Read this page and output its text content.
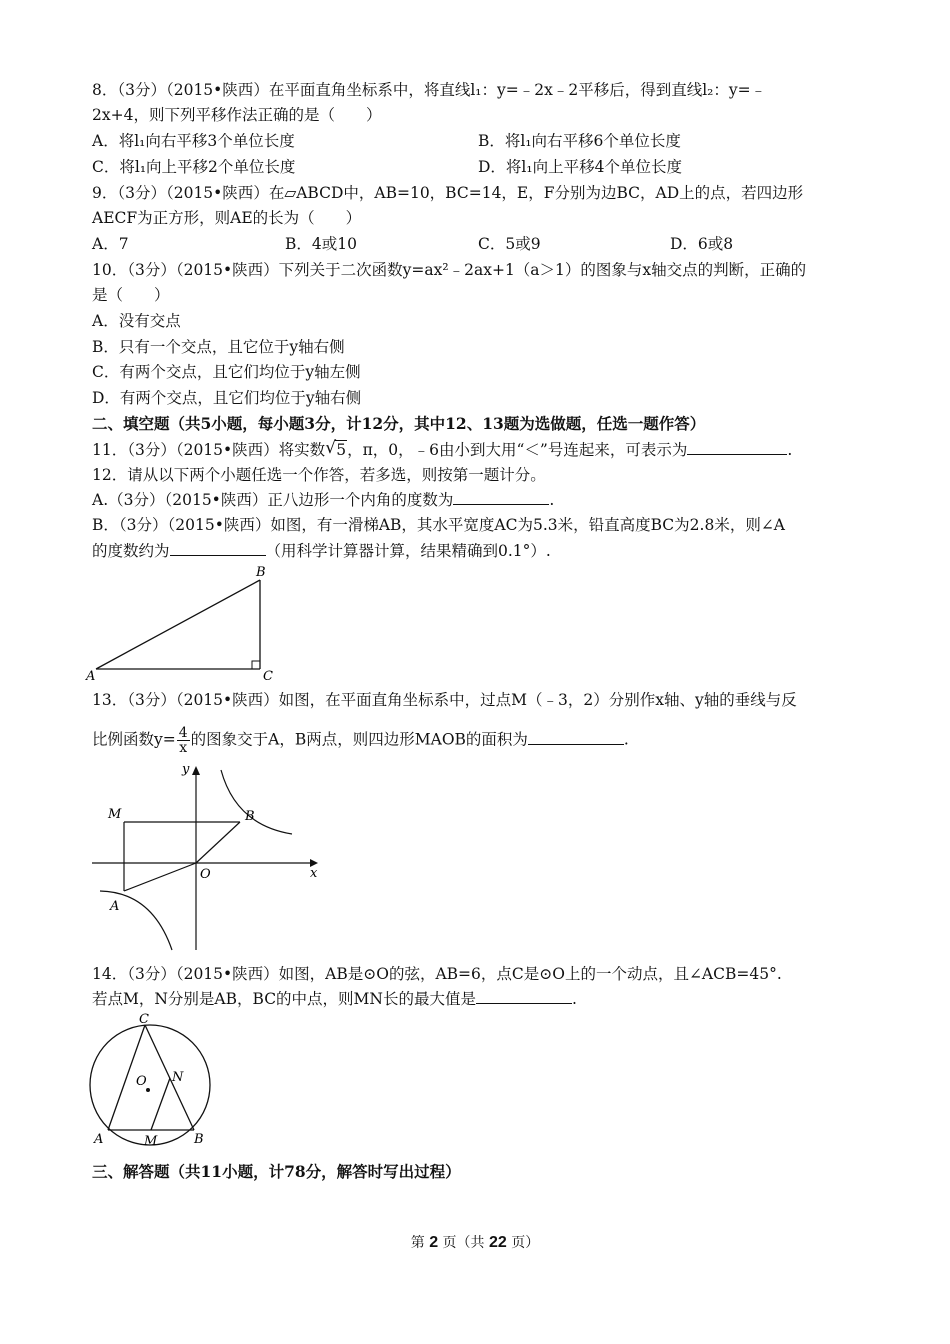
8．（3分）（2015•陕西）在平面直角坐标系中，将直线l₁：y=﹣2x﹣2平移后，得到直线l₂：y=﹣
2x+4，则下列平移作法正确的是（　　）
A．将l₁向右平移3个单位长度	B．将l₁向右平移6个单位长度
C．将l₁向上平移2个单位长度	D．将l₁向上平移4个单位长度
9．（3分）（2015•陕西）在▱ABCD中，AB=10，BC=14，E，F分别为边BC，AD上的点，若四边形
AECF为正方形，则AE的长为（　　）
A．7	B．4或10	C．5或9	D．6或8
10．（3分）（2015•陕西）下列关于二次函数y=ax²﹣2ax+1（a＞1）的图象与x轴交点的判断，正确的
是（　　）
A．没有交点
B．只有一个交点，且它位于y轴右侧
C．有两个交点，且它们均位于y轴左侧
D．有两个交点，且它们均位于y轴右侧
二、填空题（共5小题，每小题3分，计12分，其中12、13题为选做题，任选一题作答）
11．（3分）（2015•陕西）将实数 √ 5，π，0，﹣6由小到大用“＜”号连起来，可表示为	.
12．请从以下两个小题任选一个作答，若多选，则按第一题计分。
A.（3分）（2015•陕西）正八边形一个内角的度数为	.
B．（3分）（2015•陕西）如图，有一滑梯AB，其水平宽度AC为5.3米，铅直高度BC为2.8米，则∠A
的度数约为	（用科学计算器计算，结果精确到0.1°）.
A
B
C
13．（3分）（2015•陕西）如图，在平面直角坐标系中，过点M（﹣3，2）分别作x轴、y轴的垂线与反
比例函数$y= \frac{4}{x}$ 的图象交于A，B两点，则四边形MAOB的面积为	.
y
x
M	B
O
A
14．（3分）（2015•陕西）如图，AB是⊙O的弦，AB=6，点C是⊙O上的一个动点，且∠ACB=45°.
若点M，N分别是AB，BC的中点，则MN长的最大值是	.
C
O N
A	M	B
三、解答题（共11小题，计78分，解答时写出过程）
第 2 页（共 22 页）
